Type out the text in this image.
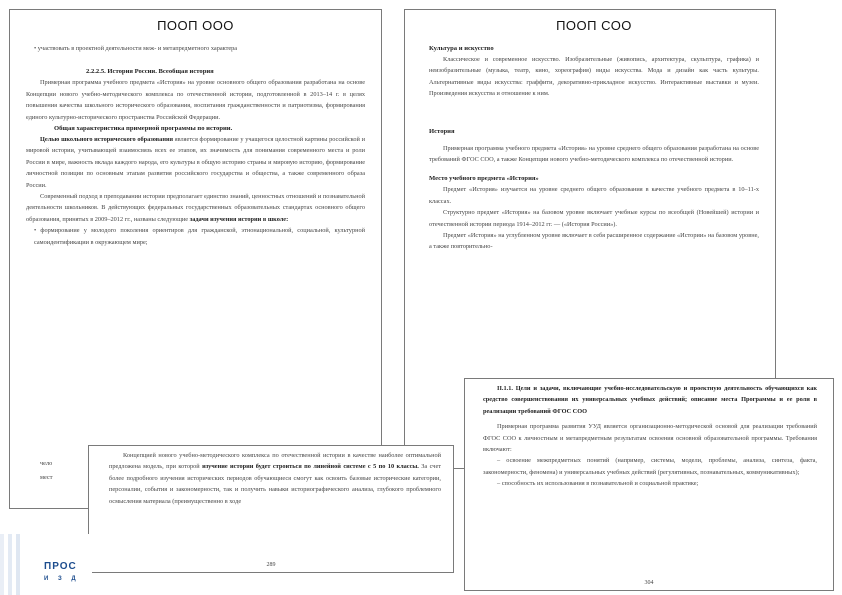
ПООП ООО

• участвовать в проектной деятельности меж- и метапредметного характера

2.2.2.5. История России. Всеобщая история

Примерная программа учебного предмета «История» на уровне основного общего образования разработана на основе Концепции нового учебно-методического комплекса по отечественной истории, подготовленной в 2013–14 г. в целях повышения качества школьного исторического образования, воспитания гражданственности и патриотизма, формирования единого культурно-исторического пространства Российской Федерации.

Общая характеристика примерной программы по истории.

Целью школьного исторического образования является формирование у учащегося целостной картины российской и мировой истории, учитывающей взаимосвязь всех ее этапов, их значимость для понимания современного места и роли России в мире, важность вклада каждого народа, его культуры в общую историю страны и мировую историю, формирование личностной позиции по основным этапам развития российского государства и общества, а также современного образа России.

Современный подход в преподавании истории предполагает единство знаний, ценностных отношений и познавательной деятельности школьников. В действующих федеральных государственных образовательных стандартах основного общего образования, принятых в 2009–2012 гг., названы следующие задачи изучения истории в школе:

• формирование у молодого поколения ориентиров для гражданской, этнонациональной, социальной, культурной самоидентификации в окружающем мире;

чело
мест

ПООП СОО

Культура и искусство

Классическое и современное искусство. Изобразительные (живопись, архитектура, скульптура, графика) и неизобразительные (музыка, театр, кино, хореография) виды искусства. Мода и дизайн как часть культуры. Альтернативные виды искусства: граффити, декоративно-прикладное искусство. Интерактивные выставки и музеи. Произведения искусства и отношение к ним.

История

Примерная программа учебного предмета «История» на уровне среднего общего образования разработана на основе требований ФГОС СОО, а также Концепции нового учебно-методического комплекса по отечественной истории.

Место учебного предмета «История»

Предмет «История» изучается на уровне среднего общего образования в качестве учебного предмета в 10–11-х классах.

Структурно предмет «История» на базовом уровне включает учебные курсы по всеобщей (Новейшей) истории и отечественной истории периода 1914–2012 гг. — («История России»).

Предмет «История» на углубленном уровне включает в себя расширенное содержание «Истории» на базовом уровне, а также повторительно-

Концепцией нового учебно-методического комплекса по отечественной истории в качестве наиболее оптимальной предложена модель, при которой изучение истории будет строиться по линейной системе с 5 по 10 классы. За счет более подробного изучения исторических периодов обучающиеся смогут как освоить базовые исторические категории, персоналии, события и закономерности, так и получить навыки историографического анализа, глубокого проблемного осмысления материала (преимущественно в ходе

289

II.1.1. Цели и задачи, включающие учебно-исследовательскую и проектную деятельность обучающихся как средство совершенствования их универсальных учебных действий; описание места Программы и ее роли в реализации требований ФГОС СОО

Примерная программа развития УУД является организационно-методической основой для реализации требований ФГОС СОО к личностным и метапредметным результатам освоения основной образовательной программы. Требования включают:

– освоение межпредметных понятий (например, системы, модели, проблемы, анализа, синтеза, факта, закономерности, феномена) и универсальных учебных действий (регулятивных, познавательных, коммуникативных);

– способность их использования в познавательной и социальной практике;

304
ПРОС
И З Д
